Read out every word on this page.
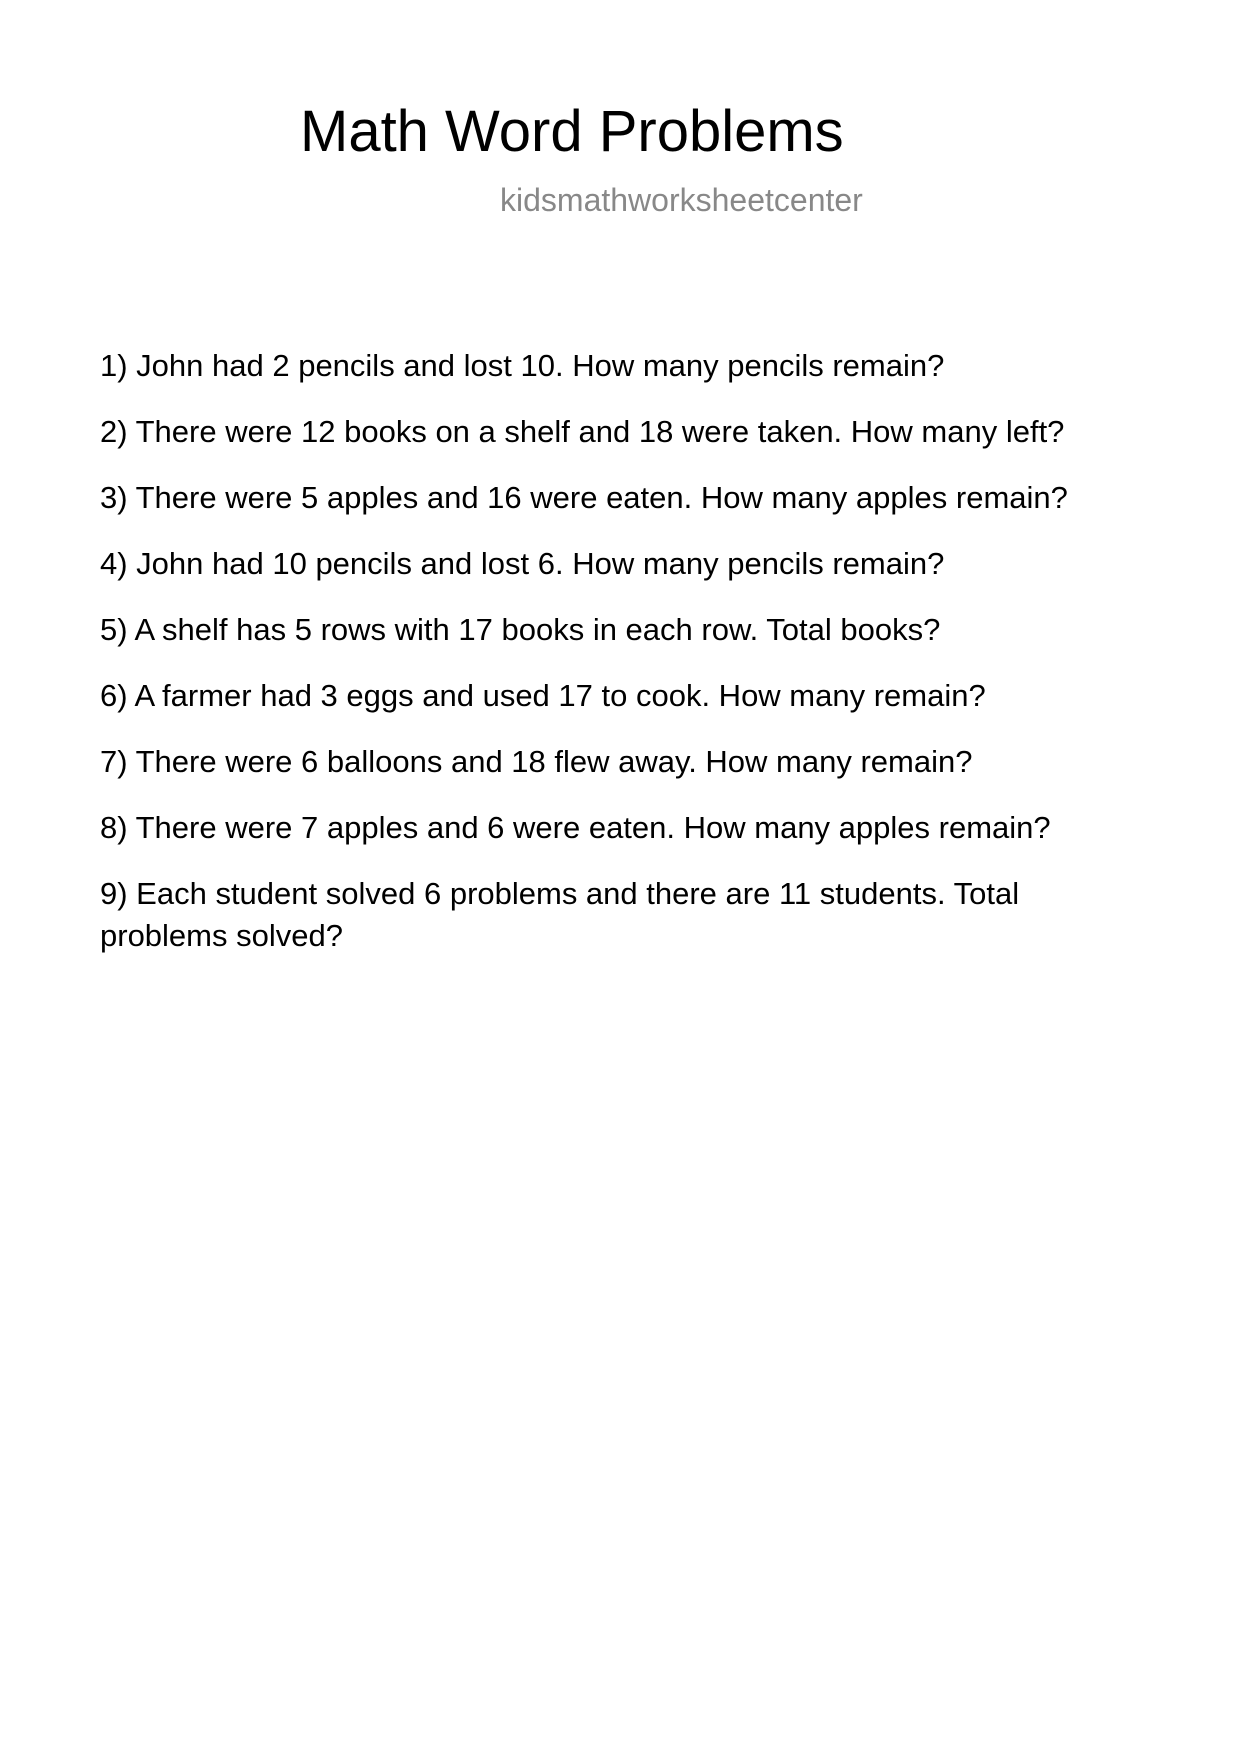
Math Word Problems
kidsmathworksheetcenter
1) John had 2 pencils and lost 10. How many pencils remain?
2) There were 12 books on a shelf and 18 were taken. How many left?
3) There were 5 apples and 16 were eaten. How many apples remain?
4) John had 10 pencils and lost 6. How many pencils remain?
5) A shelf has 5 rows with 17 books in each row. Total books?
6) A farmer had 3 eggs and used 17 to cook. How many remain?
7) There were 6 balloons and 18 flew away. How many remain?
8) There were 7 apples and 6 were eaten. How many apples remain?
9) Each student solved 6 problems and there are 11 students. Total problems solved?
